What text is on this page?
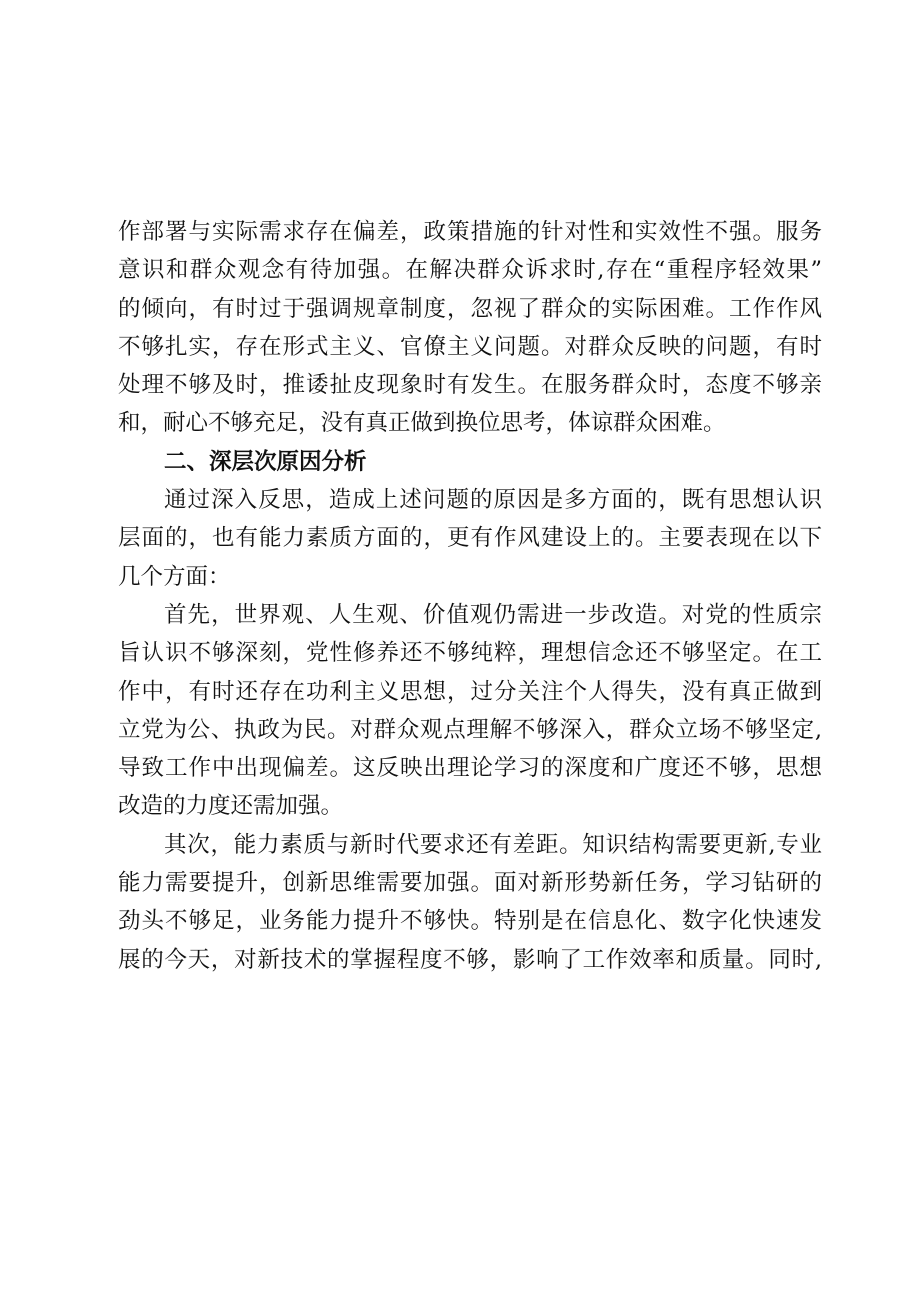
作部署与实际需求存在偏差，政策措施的针对性和实效性不强。服务
意识和群众观念有待加强。在解决群众诉求时,存在“重程序轻效果”
的倾向，有时过于强调规章制度，忽视了群众的实际困难。工作作风
不够扎实，存在形式主义、官僚主义问题。对群众反映的问题，有时
处理不够及时，推诿扯皮现象时有发生。在服务群众时，态度不够亲
和，耐心不够充足，没有真正做到换位思考，体谅群众困难。
二、深层次原因分析
通过深入反思，造成上述问题的原因是多方面的，既有思想认识
层面的，也有能力素质方面的，更有作风建设上的。主要表现在以下
几个方面：
首先，世界观、人生观、价值观仍需进一步改造。对党的性质宗
旨认识不够深刻，党性修养还不够纯粹，理想信念还不够坚定。在工
作中，有时还存在功利主义思想，过分关注个人得失，没有真正做到
立党为公、执政为民。对群众观点理解不够深入，群众立场不够坚定,
导致工作中出现偏差。这反映出理论学习的深度和广度还不够，思想
改造的力度还需加强。
其次，能力素质与新时代要求还有差距。知识结构需要更新,专业
能力需要提升，创新思维需要加强。面对新形势新任务，学习钻研的
劲头不够足，业务能力提升不够快。特别是在信息化、数字化快速发
展的今天，对新技术的掌握程度不够，影响了工作效率和质量。同时,
